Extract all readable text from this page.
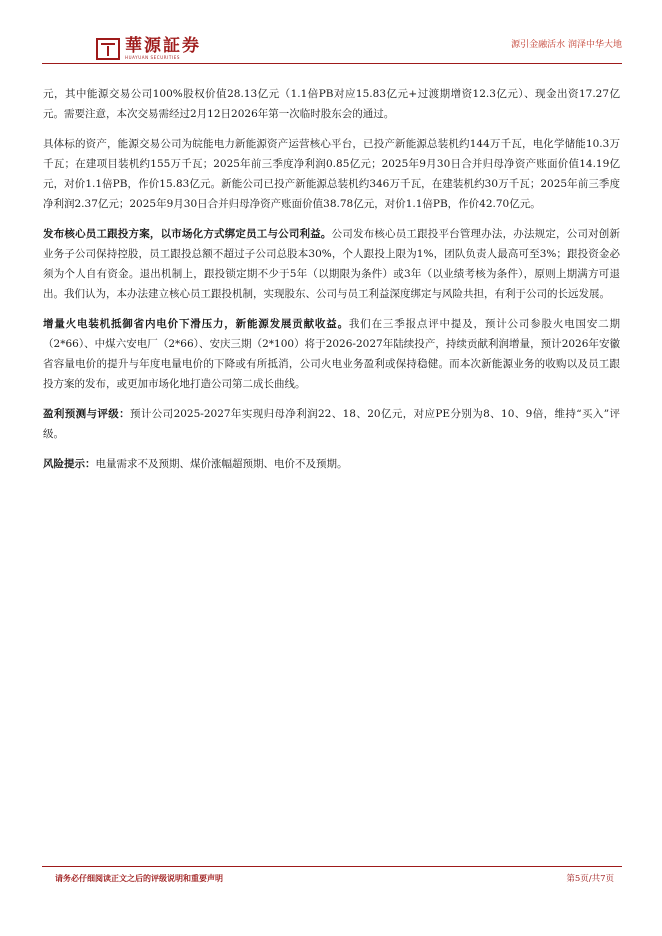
華源証券
HUAYUAN SECURITIES
源引金融活水 润泽中华大地

元，其中能源交易公司100%股权价值28.13亿元（1.1倍PB对应15.83亿元+过渡期增资12.3亿元）、现金出资17.27亿元。需要注意，本次交易需经过2月12日2026年第一次临时股东会的通过。

具体标的资产，能源交易公司为皖能电力新能源资产运营核心平台，已投产新能源总装机约144万千瓦，电化学储能10.3万千瓦；在建项目装机约155万千瓦；2025年前三季度净利润0.85亿元；2025年9月30日合并归母净资产账面价值14.19亿元，对价1.1倍PB，作价15.83亿元。新能公司已投产新能源总装机约346万千瓦，在建装机约30万千瓦；2025年前三季度净利润2.37亿元；2025年9月30日合并归母净资产账面价值38.78亿元，对价1.1倍PB，作价42.70亿元。

发布核心员工跟投方案，以市场化方式绑定员工与公司利益。公司发布核心员工跟投平台管理办法，办法规定，公司对创新业务子公司保持控股，员工跟投总额不超过子公司总股本30%，个人跟投上限为1%，团队负责人最高可至3%；跟投资金必须为个人自有资金。退出机制上，跟投锁定期不少于5年（以期限为条件）或3年（以业绩考核为条件），原则上期满方可退出。我们认为，本办法建立核心员工跟投机制，实现股东、公司与员工利益深度绑定与风险共担，有利于公司的长远发展。

增量火电装机抵御省内电价下滑压力，新能源发展贡献收益。我们在三季报点评中提及，预计公司参股火电国安二期（2*66）、中煤六安电厂（2*66）、安庆三期（2*100）将于2026-2027年陆续投产，持续贡献利润增量，预计2026年安徽省容量电价的提升与年度电量电价的下降或有所抵消，公司火电业务盈利或保持稳健。而本次新能源业务的收购以及员工跟投方案的发布，或更加市场化地打造公司第二成长曲线。

盈利预测与评级：预计公司2025-2027年实现归母净利润22、18、20亿元，对应PE分别为8、10、9倍，维持“买入”评级。

风险提示：电量需求不及预期、煤价涨幅超预期、电价不及预期。

请务必仔细阅读正文之后的评级说明和重要声明	第5页/共7页
